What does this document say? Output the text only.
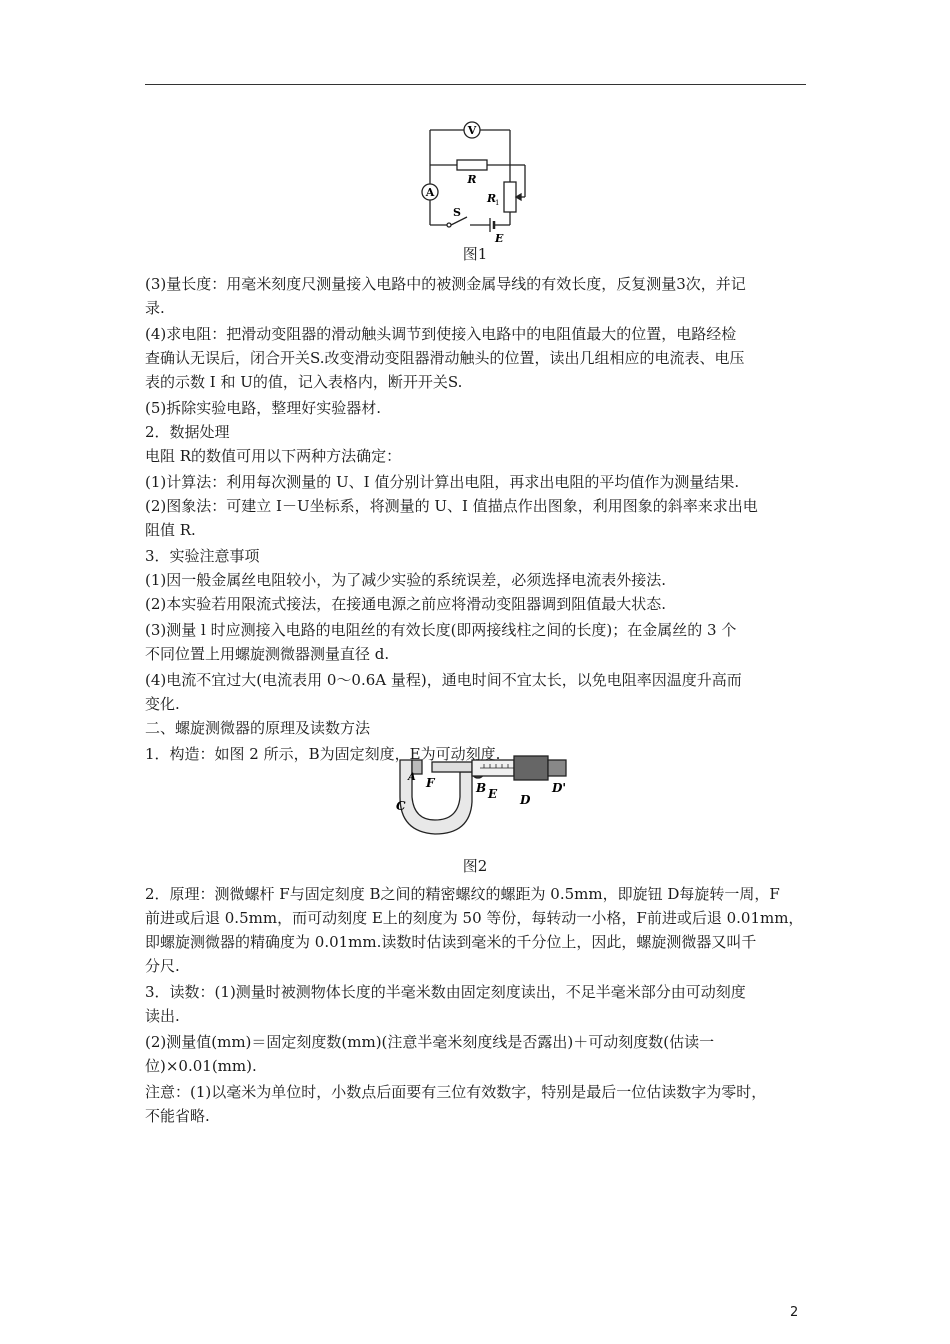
V
A
R
R
1
S
E
图1
C
A F	B E D
D'
图2
(3)量长度：用毫米刻度尺测量接入电路中的被测金属导线的有效长度，反复测量3次，并记
录.
(4)求电阻：把滑动变阻器的滑动触头调节到使接入电路中的电阻值最大的位置，电路经检
查确认无误后，闭合开关S.改变滑动变阻器滑动触头的位置，读出几组相应的电流表、电压
表的示数 I 和 U的值，记入表格内，断开开关S.
(5)拆除实验电路，整理好实验器材.
2．数据处理
电阻 R的数值可用以下两种方法确定：
(1)计算法：利用每次测量的 U、I 值分别计算出电阻，再求出电阻的平均值作为测量结果.
(2)图象法：可建立 I－U坐标系，将测量的 U、I 值描点作出图象，利用图象的斜率来求出电
阻值 R.
3．实验注意事项
(1)因一般金属丝电阻较小，为了减少实验的系统误差，必须选择电流表外接法.
(2)本实验若用限流式接法，在接通电源之前应将滑动变阻器调到阻值最大状态.
(3)测量 l 时应测接入电路的电阻丝的有效长度(即两接线柱之间的长度)；在金属丝的 3 个
不同位置上用螺旋测微器测量直径 d.
(4)电流不宜过大(电流表用 0～0.6A 量程)，通电时间不宜太长，以免电阻率因温度升高而
变化.
二、螺旋测微器的原理及读数方法
1．构造：如图 2 所示，B为固定刻度，E为可动刻度.
2．原理：测微螺杆 F与固定刻度 B之间的精密螺纹的螺距为 0.5mm，即旋钮 D每旋转一周，F
前进或后退 0.5mm，而可动刻度 E上的刻度为 50 等份，每转动一小格，F前进或后退 0.01mm，
即螺旋测微器的精确度为 0.01mm.读数时估读到毫米的千分位上，因此，螺旋测微器又叫千
分尺.
3．读数：(1)测量时被测物体长度的半毫米数由固定刻度读出，不足半毫米部分由可动刻度
读出.
(2)测量值(mm)＝固定刻度数(mm)(注意半毫米刻度线是否露出)＋可动刻度数(估读一
位)×0.01(mm).
注意：(1)以毫米为单位时，小数点后面要有三位有效数字，特别是最后一位估读数字为零时，
不能省略.
2
